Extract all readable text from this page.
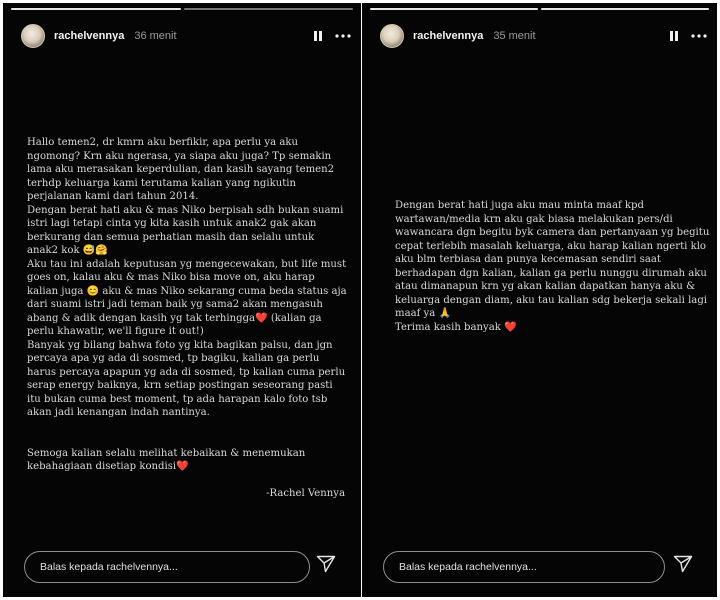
rachelvennya 36 menit

Hallo temen2, dr kmrn aku berfikir, apa perlu ya aku ngomong? Krn aku ngerasa, ya siapa aku juga? Tp semakin lama aku merasakan keperdulian, dan kasih sayang temen2 terhdp keluarga kami terutama kalian yang ngikutin perjalanan kami dari tahun 2014.

Dengan berat hati aku & mas Niko berpisah sdh bukan suami istri lagi tetapi cinta yg kita kasih untuk anak2 gak akan berkurang dan semua perhatian masih dan selalu untuk anak2 kok 😅🤗

Aku tau ini adalah keputusan yg mengecewakan, but life must goes on, kalau aku & mas Niko bisa move on, aku harap kalian juga 😊 aku & mas Niko sekarang cuma beda status aja dari suami istri jadi teman baik yg sama2 akan mengasuh abang & adik dengan kasih yg tak terhingga❤️ (kalian ga perlu khawatir, we'll figure it out!)

Banyak yg bilang bahwa foto yg kita bagikan palsu, dan jgn percaya apa yg ada di sosmed, tp bagiku, kalian ga perlu harus percaya apapun yg ada di sosmed, tp kalian cuma perlu serap energy baiknya, krn setiap postingan seseorang pasti itu bukan cuma best moment, tp ada harapan kalo foto tsb akan jadi kenangan indah nantinya.

Semoga kalian selalu melihat kebaikan & menemukan kebahagiaan disetiap kondisi❤️

-Rachel Vennya

Balas kepada rachelvennya...
rachelvennya 35 menit

Dengan berat hati juga aku mau minta maaf kpd wartawan/media krn aku gak biasa melakukan pers/di wawancara dgn begitu byk camera dan pertanyaan yg begitu cepat terlebih masalah keluarga, aku harap kalian ngerti klo aku blm terbiasa dan punya kecemasan sendiri saat berhadapan dgn kalian, kalian ga perlu nunggu dirumah aku atau dimanapun krn yg akan kalian dapatkan hanya aku & keluarga dengan diam, aku tau kalian sdg bekerja sekali lagi maaf ya 🙏

Terima kasih banyak ❤️

Balas kepada rachelvennya...
